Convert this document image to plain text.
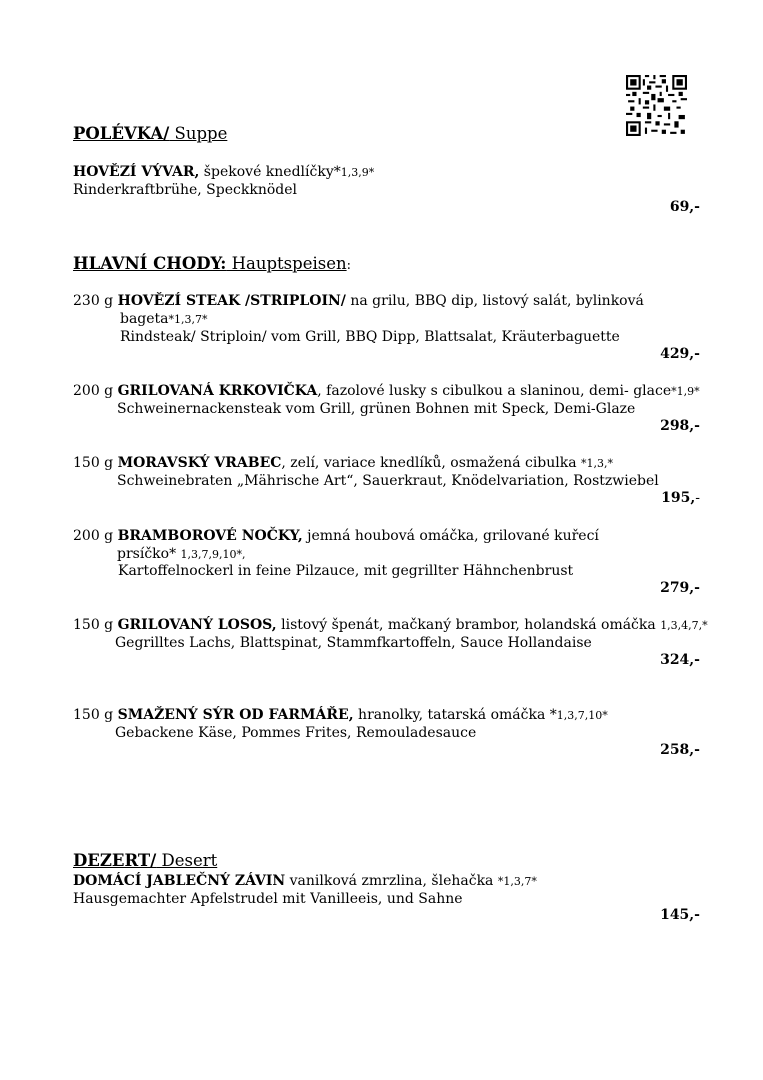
POLÉVKA/ Suppe
HOVĚZÍ VÝVAR, špekové knedlíčky*1,3,9*
Rinderkraftbrühe, Speckknödel
69,-
HLAVNÍ CHODY: Hauptspeisen:
230 g HOVĚZÍ STEAK /STRIPLOIN/ na grilu, BBQ dip, listový salát, bylinková
bageta*1,3,7*
Rindsteak/ Striploin/ vom Grill, BBQ Dipp, Blattsalat, Kräuterbaguette
429,-
200 g GRILOVANÁ KRKOVIČKA, fazolové lusky s cibulkou a slaninou, demi- glace*1,9*
Schweinernackensteak vom Grill, grünen Bohnen mit Speck, Demi-Glaze
298,-
150 g MORAVSKÝ VRABEC, zelí, variace knedlíků, osmažená cibulka *1,3,*
Schweinebraten „Mährische Art“, Sauerkraut, Knödelvariation, Rostzwiebel
195,-
200 g BRAMBOROVÉ NOČKY, jemná houbová omáčka, grilované kuřecí
prsíčko* 1,3,7,9,10*,
Kartoffelnockerl in feine Pilzauce, mit gegrillter Hähnchenbrust
279,-
150 g GRILOVANÝ LOSOS, listový špenát, mačkaný brambor, holandská omáčka 1,3,4,7,*
Gegrilltes Lachs, Blattspinat, Stammfkartoffeln, Sauce Hollandaise
324,-
150 g SMAŽENÝ SÝR OD FARMÁŘE, hranolky, tatarská omáčka *1,3,7,10*
Gebackene Käse, Pommes Frites, Remouladesauce
258,-
DEZERT/ Desert
DOMÁCÍ JABLEČNÝ ZÁVIN vanilková zmrzlina, šlehačka *1,3,7*
Hausgemachter Apfelstrudel mit Vanilleeis, und Sahne
145,-
